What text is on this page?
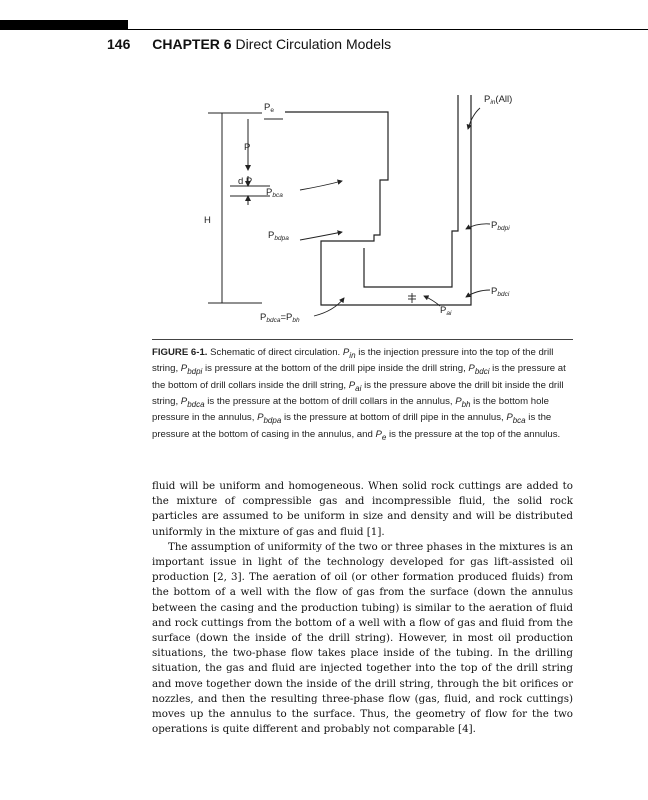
146 CHAPTER 6 Direct Circulation Models
$P_e$
$P_{in}(All)$
P
d P
H
$P_{bca}$
$P_{bdpa}$
$P_{bdpi}$
$P_{bdci}$
$P_{bdca}=P_{bh}$
$P_{ai}$
FIGURE 6-1. Schematic of direct circulation. $P_{in}$ is the injection pressure into the top of the drill string, $P_{bdpi}$ is pressure at the bottom of the drill pipe inside the drill string, $P_{bdci}$ is the pressure at the bottom of drill collars inside the drill string, $P_{ai}$ is the pressure above the drill bit inside the drill string, $P_{bdca}$ is the pressure at the bottom of drill collars in the annulus, $P_{bh}$ is the bottom hole pressure in the annulus, $P_{bdpa}$ is the pressure at bottom of drill pipe in the annulus, $P_{bca}$ is the pressure at the bottom of casing in the annulus, and $P_e$ is the pressure at the top of the annulus.

fluid will be uniform and homogeneous. When solid rock cuttings are added to the mixture of compressible gas and incompressible fluid, the solid rock particles are assumed to be uniform in size and density and will be distributed uniformly in the mixture of gas and fluid [1].

The assumption of uniformity of the two or three phases in the mixtures is an important issue in light of the technology developed for gas lift-assisted oil production [2, 3]. The aeration of oil (or other formation produced fluids) from the bottom of a well with the flow of gas from the surface (down the annulus between the casing and the production tubing) is similar to the aeration of fluid and rock cuttings from the bottom of a well with a flow of gas and fluid from the surface (down the inside of the drill string). However, in most oil production situations, the two-phase flow takes place inside of the tubing. In the drilling situation, the gas and fluid are injected together into the top of the drill string and move together down the inside of the drill string, through the bit orifices or nozzles, and then the resulting three-phase flow (gas, fluid, and rock cuttings) moves up the annulus to the surface. Thus, the geometry of flow for the two operations is quite different and probably not comparable [4].
